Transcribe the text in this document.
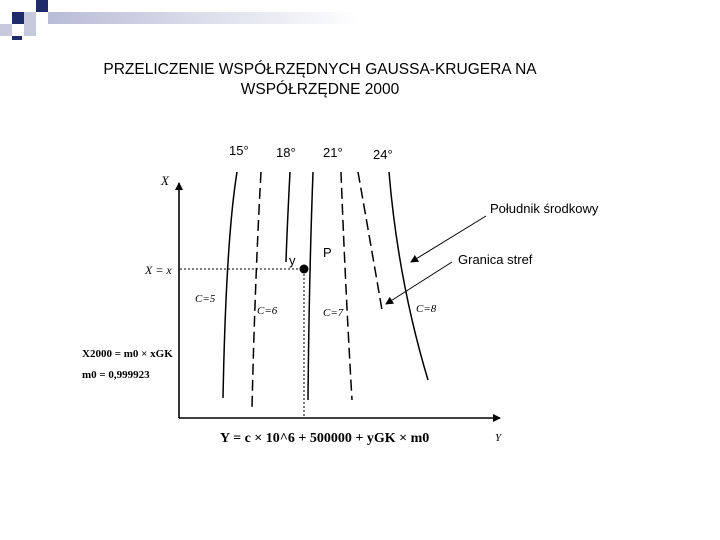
PRZELICZENIE WSPÓŁRZĘDNYCH GAUSSA-KRUGERA NA
WSPÓŁRZĘDNE 2000
15° 18° 21° 24°
X
Y
y
P
X = x
C=5
C=6	C=7	C=8
Południk środkowy
Granica stref
X2000 = m0 × xGK
m0 = 0,999923
Y = c × 10^6 + 500000 + yGK × m0
